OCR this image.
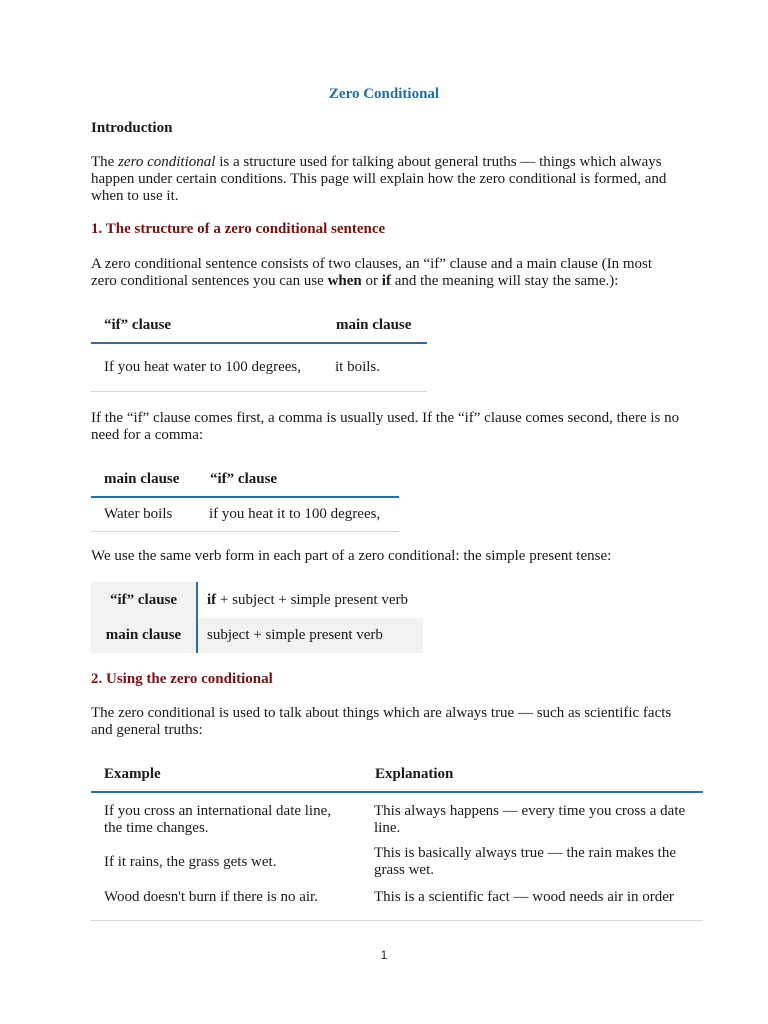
Zero Conditional
Introduction
The zero conditional is a structure used for talking about general truths — things which always happen under certain conditions. This page will explain how the zero conditional is formed, and when to use it.
1. The structure of a zero conditional sentence
A zero conditional sentence consists of two clauses, an “if” clause and a main clause (In most zero conditional sentences you can use when or if and the meaning will stay the same.):
“if” clause	main clause
If you heat water to 100 degrees,	it boils.
If the “if” clause comes first, a comma is usually used. If the “if” clause comes second, there is no need for a comma:
main clause	“if” clause
Water boils	if you heat it to 100 degrees,
We use the same verb form in each part of a zero conditional: the simple present tense:
“if” clause	if + subject + simple present verb
main clause	subject + simple present verb
2. Using the zero conditional
The zero conditional is used to talk about things which are always true — such as scientific facts and general truths:
Example	Explanation
If you cross an international date line, the time changes.	This always happens — every time you cross a date line.
If it rains, the grass gets wet.	This is basically always true — the rain makes the grass wet.
Wood doesn't burn if there is no air.	This is a scientific fact — wood needs air in order
1
